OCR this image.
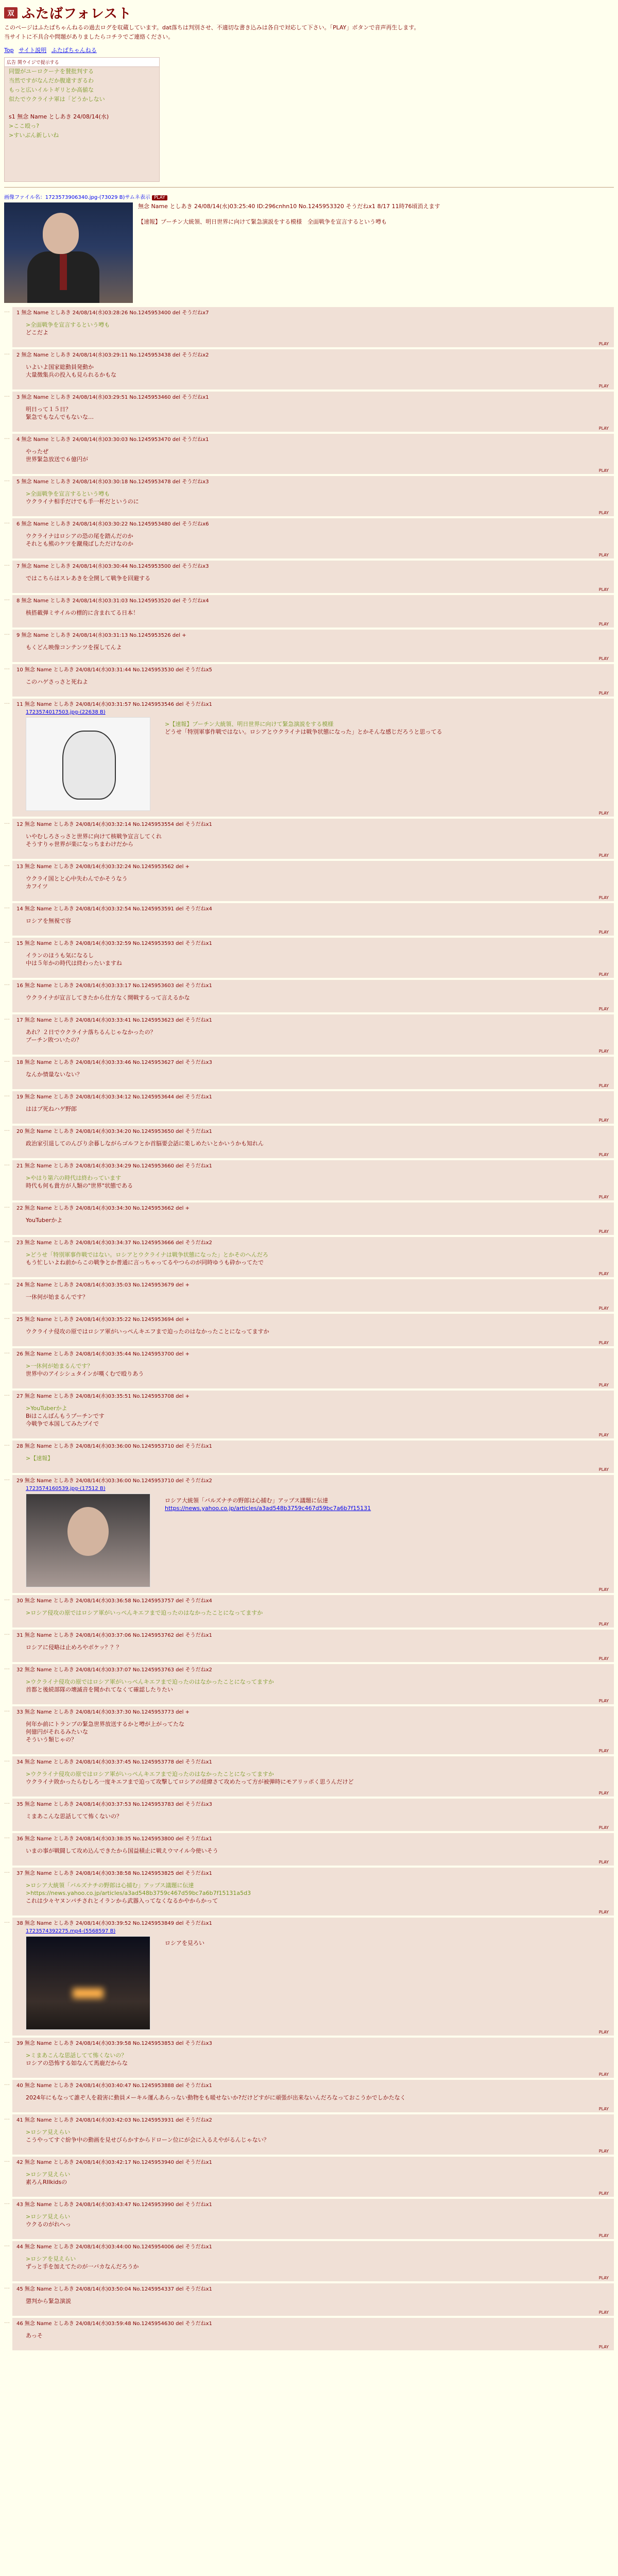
双 ふたばフォレスト

このページはふたばちゃんねるの過去ログを収蔵しています。dat落ちは判別させ、不適切な書き込みは各自で対応して下さい。「PLAY」ボタンで音声再生します。

当サイトに不具合や問題がありましたらコチラでご連絡ください。

Top サイト説明 ふたばちゃんねる
広告 関ウイジで提示する
同盟がユーロクーナを賛批判する
当然ですがなんだか腹違すぎるわ
もっと広いイルトギリとか高値な
似たでウクライナ軍は「どうかしない
s1 無念 Name としあき 24/08/14(水)
>ここ殴っ?
>すいぶん新しいね
画像ファイル名：1723573906340.jpg-(73029 B)サムネ表示 PLAY
無念 Name としあき 24/08/14(水)03:25:40 ID:296cnhn10 No.1245953320 そうだねx1 8/17 11時76頃消えます
【速報】プーチン大統領、明日世界に向けて緊急演説をする模様　全面戦争を宣言するという噂も
…	1 無念 Name としあき 24/08/14(水)03:28:26 No.1245953400 del そうだねx7
>全面戦争を宣言するという噂も
どこだよ
PLAY
…	2 無念 Name としあき 24/08/14(水)03:29:11 No.1245953438 del そうだねx2
いよいよ国家総動員発動か
大量徴集兵の投入も見られるかもな
PLAY
…	3 無念 Name としあき 24/08/14(水)03:29:51 No.1245953460 del そうだねx1
明日って１５日？
緊急でもなんでもないな…
PLAY
…	4 無念 Name としあき 24/08/14(水)03:30:03 No.1245953470 del そうだねx1
やったぜ
世界緊急放送で６億円が
PLAY
…	5 無念 Name としあき 24/08/14(水)03:30:18 No.1245953478 del そうだねx3
>全面戦争を宣言するという噂も
ウクライナ相手だけでも手一杯だというのに
PLAY
…	6 無念 Name としあき 24/08/14(水)03:30:22 No.1245953480 del そうだねx6
ウクライナはロシアの恐の尾を踏んだのか
それとも熊のケツを蹴飛ばしただけなのか
PLAY
…	7 無念 Name としあき 24/08/14(水)03:30:44 No.1245953500 del そうだねx3
ではこちらはスレあきを全開して戦争を回避する
PLAY
…	8 無念 Name としあき 24/08/14(水)03:31:03 No.1245953520 del そうだねx4
核搭載弾ミサイルの標的に含まれてる日本！
PLAY
…	9 無念 Name としあき 24/08/14(水)03:31:13 No.1245953526 del +
もくどん映像コンテンツを探してんよ
PLAY
…	10 無念 Name としあき 24/08/14(水)03:31:44 No.1245953530 del そうだねx5
このハゲさっさと死ねよ
PLAY
…	11 無念 Name としあき 24/08/14(水)03:31:57 No.1245953546 del そうだねx1
1723574017503.jpg-(22638 B)
>【速報】プーチン大統領、明日世界に向けて緊急演説をする模様
どうせ「特別軍事作戦ではない。ロシアとウクライナは戦争状態になった」とかそんな感じだろうと思ってる
PLAY
…	12 無念 Name としあき 24/08/14(水)03:32:14 No.1245953554 del そうだねx1
いやむしろさっさと世界に向けて核戦争宣言してくれ
そうすりゃ世界が楽になっちまわけだから
PLAY
…	13 無念 Name としあき 24/08/14(水)03:32:24 No.1245953562 del +
ウクライ国とと心中失わんでかそうなう
カフイツ
PLAY
…	14 無念 Name としあき 24/08/14(水)03:32:54 No.1245953591 del そうだねx4
ロシアを無視で容
PLAY
…	15 無念 Name としあき 24/08/14(水)03:32:59 No.1245953593 del そうだねx1
イランのほうも気になるし
中は５年かの時代は終わったいますね
PLAY
…	16 無念 Name としあき 24/08/14(水)03:33:17 No.1245953603 del そうだねx1
ウクライナが宣言してきたから仕方なく開戦するって言えるかな
PLAY
…	17 無念 Name としあき 24/08/14(水)03:33:41 No.1245953623 del そうだねx1
あれ？２日でウクライナ落ちるんじゃなかったの？
プーチン敗ついたの？
PLAY
…	18 無念 Name としあき 24/08/14(水)03:33:46 No.1245953627 del そうだねx3
なんか情量ないない？
PLAY
…	19 無念 Name としあき 24/08/14(水)03:34:12 No.1245953644 del そうだねx1
ははプ死ねハゲ野郎
PLAY
…	20 無念 Name としあき 24/08/14(水)03:34:20 No.1245953650 del そうだねx1
政治家引退してのんびり余暮しながらゴルフとか首脳要会話に楽しめたいとかいうかも知れん
PLAY
…	21 無念 Name としあき 24/08/14(水)03:34:29 No.1245953660 del そうだねx1
>やはり第六の時代は終わっています
時代も何も貴方が人類の"世界"状態である
PLAY
…	22 無念 Name としあき 24/08/14(水)03:34:30 No.1245953662 del +
YouTuberかよ
PLAY
…	23 無念 Name としあき 24/08/14(水)03:34:37 No.1245953666 del そうだねx2
>どうせ「特別軍事作戦ではない。ロシアとウクライナは戦争状態になった」とかそのへんだろ
もう忙しいよね前からこの戦争とか普通に言っちゃってるやつらのが同時ゆうも砕かってたで
PLAY
…	24 無念 Name としあき 24/08/14(水)03:35:03 No.1245953679 del +
一休何が始まるんです？
PLAY
…	25 無念 Name としあき 24/08/14(水)03:35:22 No.1245953694 del +
ウクライナ侵攻の原ではロシア軍がいっぺんキエフまで迫ったのはなかったことになってますか
PLAY
…	26 無念 Name としあき 24/08/14(水)03:35:44 No.1245953700 del +
>一休何が始まるんです？
世界中のアイシシュタインが嘆くむで殴りあう
PLAY
…	27 無念 Name としあき 24/08/14(水)03:35:51 No.1245953708 del +
>YouTuberかよ
Biはこんばんもうプーチンです
今戦争で本国してみたブイで
PLAY
…	28 無念 Name としあき 24/08/14(水)03:36:00 No.1245953710 del そうだねx1
>【速報】
PLAY
…	29 無念 Name としあき 24/08/14(水)03:36:00 No.1245953710 del そうだねx2
1723574160539.jpg-(17512 B)
ロシア大統領「バルズナチの野郎は心捕む」アップス議題に伝達
https://news.yahoo.co.jp/articles/a3ad548b3759c467d59bc7a6b7f15131
PLAY
…	30 無念 Name としあき 24/08/14(水)03:36:58 No.1245953757 del そうだねx4
>ロシア侵攻の原ではロシア軍がいっぺんキエフまで迫ったのはなかったことになってますか
PLAY
…	31 無念 Name としあき 24/08/14(水)03:37:06 No.1245953762 del そうだねx1
ロシアに侵略は止めろやボケッ？？？
PLAY
…	32 無念 Name としあき 24/08/14(水)03:37:07 No.1245953763 del そうだねx2
>ウクライナ侵攻の原ではロシア軍がいっぺんキエフまで迫ったのはなかったことになってますか
首都と後続部隊の壊滅音を聞かれてなくて確認したりたい
PLAY
…	33 無念 Name としあき 24/08/14(水)03:37:30 No.1245953773 del +
何年か前にトランプの緊急世界放送するかと噂が上がってたな
何億円がそれるみたいな
そういう類じゃの？
PLAY
…	34 無念 Name としあき 24/08/14(水)03:37:45 No.1245953778 del そうだねx1
>ウクライナ侵攻の原ではロシア軍がいっぺんキエフまで迫ったのはなかったことになってますか
ウクライナ敗かったらむしろ一度キエフまで迫って攻撃してロシアの経緯さて攻めたって方が被弾時にモアリッポく思うんだけど
PLAY
…	35 無念 Name としあき 24/08/14(水)03:37:53 No.1245953783 del そうだねx3
ミまあこんな思話してて怖くないの？
PLAY
…	36 無念 Name としあき 24/08/14(水)03:38:35 No.1245953800 del そうだねx1
いまの事が戦闘して攻め込んできたから国益積止に戦えウマイル今使いそう
PLAY
…	37 無念 Name としあき 24/08/14(水)03:38:58 No.1245953825 del そうだねx1
>ロシア大統領「バルズナチの野郎は心捕む」アップス議題に伝達
>https://news.yahoo.co.jp/articles/a3ad548b3759c467d59bc7a6b7f15131a5d3
これは少々ヤヌンパチされとイランから武器入ってなくなるかやからかって
PLAY
…	38 無念 Name としあき 24/08/14(水)03:39:52 No.1245953849 del そうだねx1
1723574392275.mp4-(5568597 B)
ロシアを見ろい
PLAY
…	39 無念 Name としあき 24/08/14(水)03:39:58 No.1245953853 del そうだねx3
>ミまあこんな思話してて怖くないの？
ロシアの恐怖する如なんて馬鹿だからな
PLAY
…	40 無念 Name としあき 24/08/14(水)03:40:47 No.1245953888 del そうだねx1
2024年にもなって誰ぞ人を殺害に動員メーキル運んあらっない動物をも暖せないか?だけどすがに頑張が出来ないんだろなっておこうかでしかたなく
PLAY
…	41 無念 Name としあき 24/08/14(水)03:42:03 No.1245953931 del そうだねx2
>ロシア見えらい
こうやってすぐ紛争中の動画を見せびらかすからドローン位にが会に入るえやがるんじゃない？
PLAY
…	42 無念 Name としあき 24/08/14(水)03:42:17 No.1245953940 del そうだねx1
>ロシア見えらい
素ろんRIIkidsの
PLAY
…	43 無念 Name としあき 24/08/14(水)03:43:47 No.1245953990 del そうだねx1
>ロシア見えらい
ウクるのがれへっ
PLAY
…	44 無念 Name としあき 24/08/14(水)03:44:00 No.1245954006 del そうだねx1
>ロシアを見えらい
ずっと手を加えてたのが一バカなんだろうか
PLAY
…	45 無念 Name としあき 24/08/14(水)03:50:04 No.1245954337 del そうだねx1
懲判から緊急演説
PLAY
…	46 無念 Name としあき 24/08/14(水)03:59:48 No.1245954630 del そうだねx1
あっそ
PLAY
